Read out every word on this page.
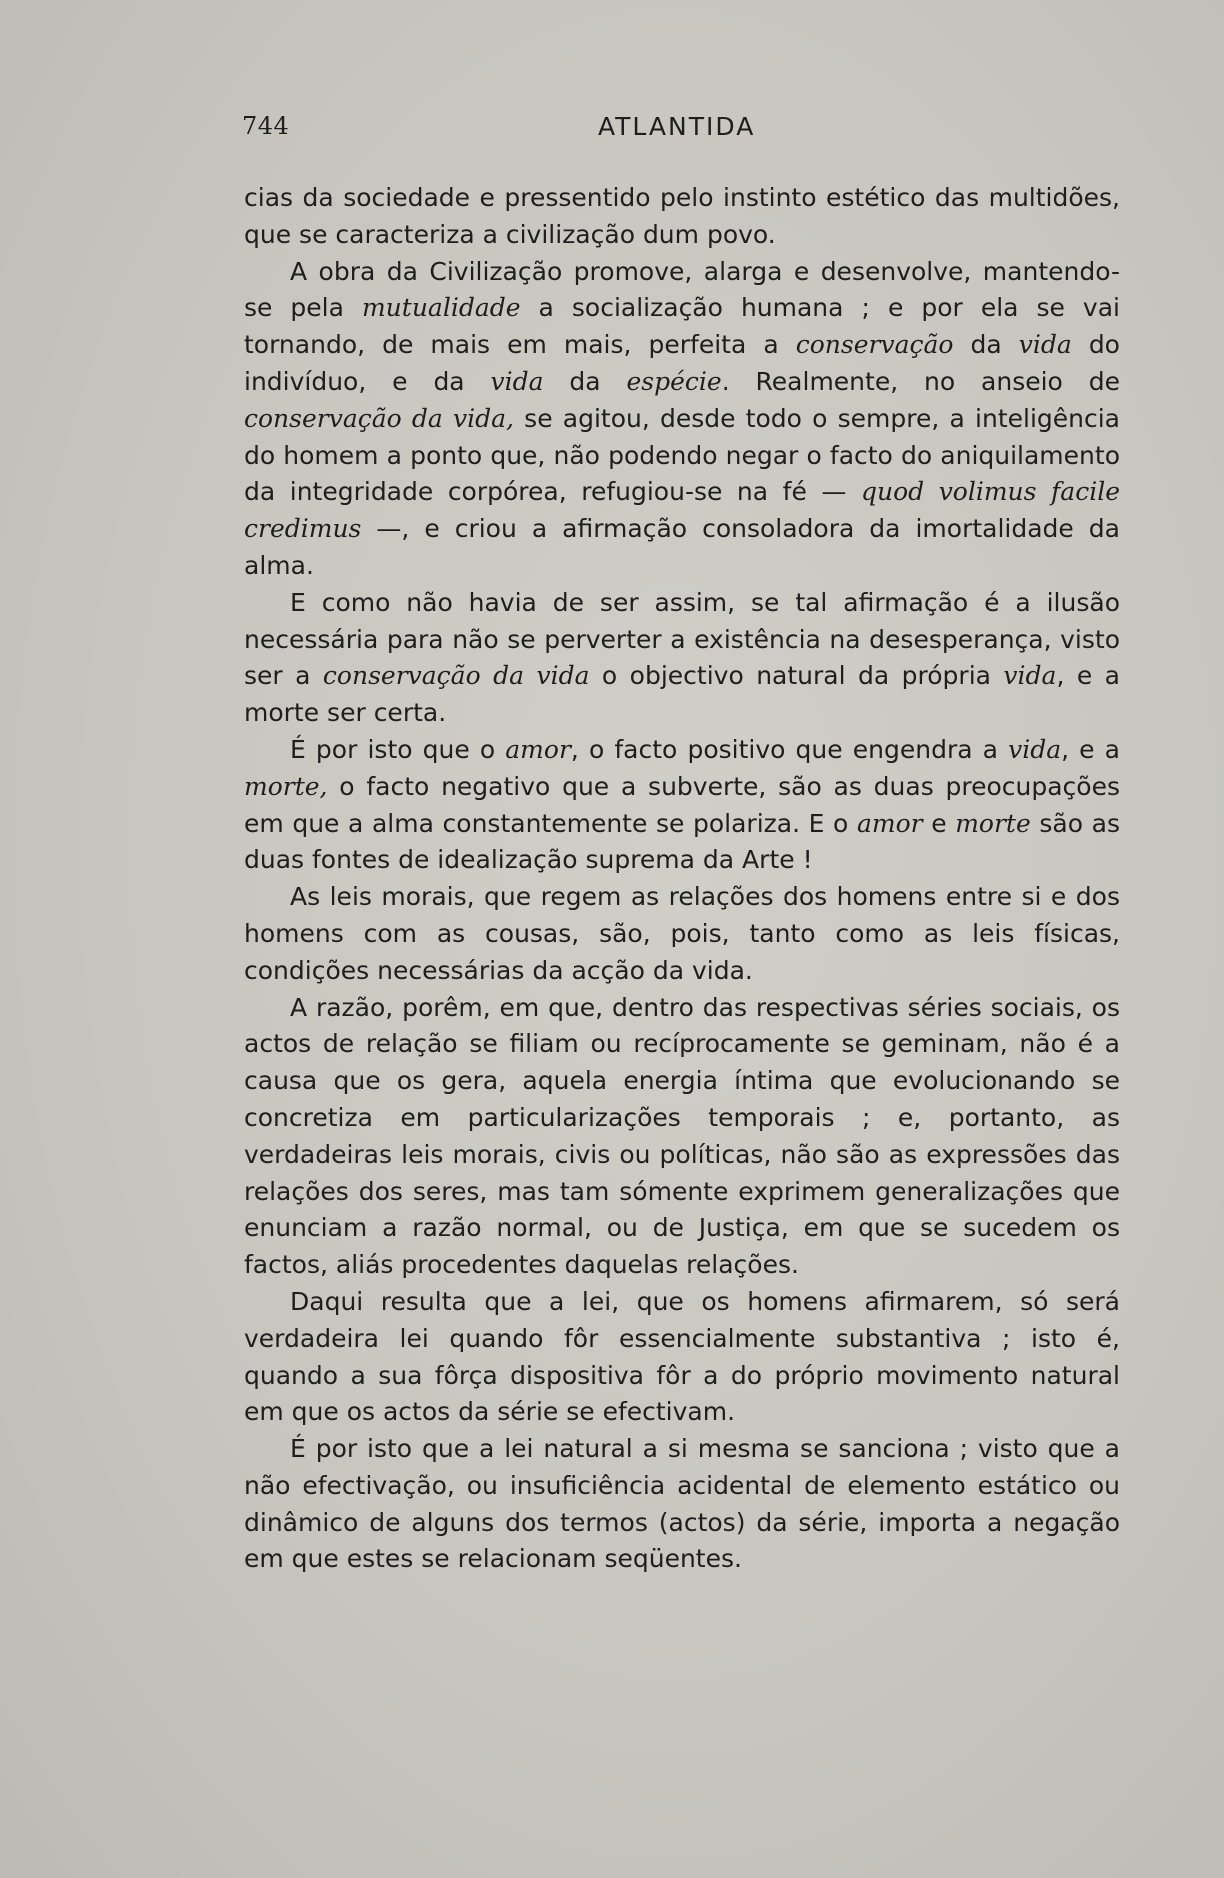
744	ATLANTIDA

cias da sociedade e pressentido pelo instinto estético das multidões, que se caracteriza a civilização dum povo.

A obra da Civilização promove, alarga e desenvolve, mantendo-se pela mutualidade a socialização humana ; e por ela se vai tornando, de mais em mais, perfeita a conservação da vida do indivíduo, e da vida da espécie. Realmente, no anseio de conservação da vida, se agitou, desde todo o sempre, a inteligência do homem a ponto que, não podendo negar o facto do aniquilamento da integridade corpórea, refugiou-se na fé — quod volimus facile credimus —, e criou a afirmação consoladora da imortalidade da alma.

E como não havia de ser assim, se tal afirmação é a ilusão necessária para não se perverter a existência na desesperança, visto ser a conservação da vida o objectivo natural da própria vida, e a morte ser certa.

É por isto que o amor, o facto positivo que engendra a vida, e a morte, o facto negativo que a subverte, são as duas preocupações em que a alma constantemente se polariza. E o amor e morte são as duas fontes de idealização suprema da Arte !

As leis morais, que regem as relações dos homens entre si e dos homens com as cousas, são, pois, tanto como as leis físicas, condições necessárias da acção da vida.

A razão, porêm, em que, dentro das respectivas séries sociais, os actos de relação se filiam ou recíprocamente se geminam, não é a causa que os gera, aquela energia íntima que evolucionando se concretiza em particularizações temporais ; e, portanto, as verdadeiras leis morais, civis ou políticas, não são as expressões das relações dos seres, mas tam sómente exprimem generalizações que enunciam a razão normal, ou de Justiça, em que se sucedem os factos, aliás procedentes daquelas relações.

Daqui resulta que a lei, que os homens afirmarem, só será verdadeira lei quando fôr essencialmente substantiva ; isto é, quando a sua fôrça dispositiva fôr a do próprio movimento natural em que os actos da série se efectivam.

É por isto que a lei natural a si mesma se sanciona ; visto que a não efectivação, ou insuficiência acidental de elemento estático ou dinâmico de alguns dos termos (actos) da série, importa a negação em que estes se relacionam seqüentes.
